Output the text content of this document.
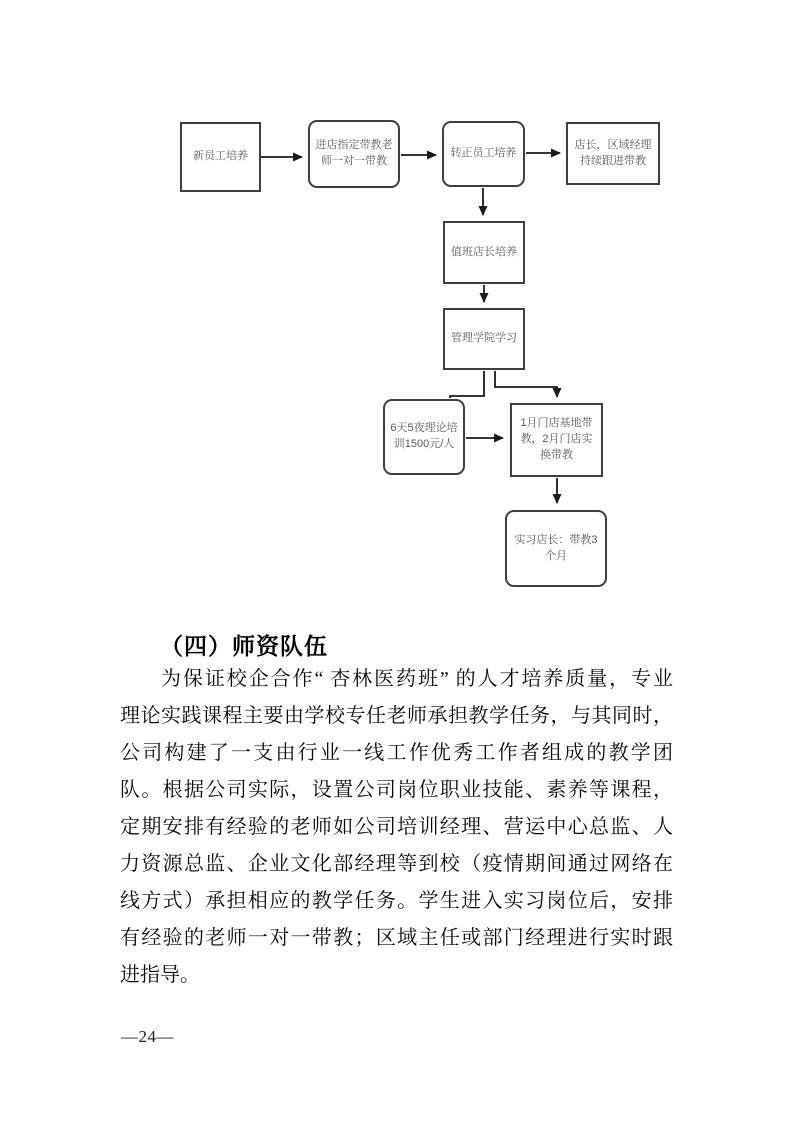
新员工培养
进店指定带教老师一对一带教
转正员工培养
店长，区域经理持续跟进带教
值班店长培养
管理学院学习
6天5夜理论培训1500元/人
1月门店基地带教，2月门店实换带教
实习店长：带教3个月
（四）师资队伍
为保证校企合作“ 杏林医药班” 的人才培养质量，专业
理论实践课程主要由学校专任老师承担教学任务，与其同时，
公司构建了一支由行业一线工作优秀工作者组成的教学团
队。根据公司实际，设置公司岗位职业技能、素养等课程，
定期安排有经验的老师如公司培训经理、营运中心总监、人
力资源总监、企业文化部经理等到校（疫情期间通过网络在
线方式）承担相应的教学任务。学生进入实习岗位后，安排
有经验的老师一对一带教；区域主任或部门经理进行实时跟
进指导。
—24—
